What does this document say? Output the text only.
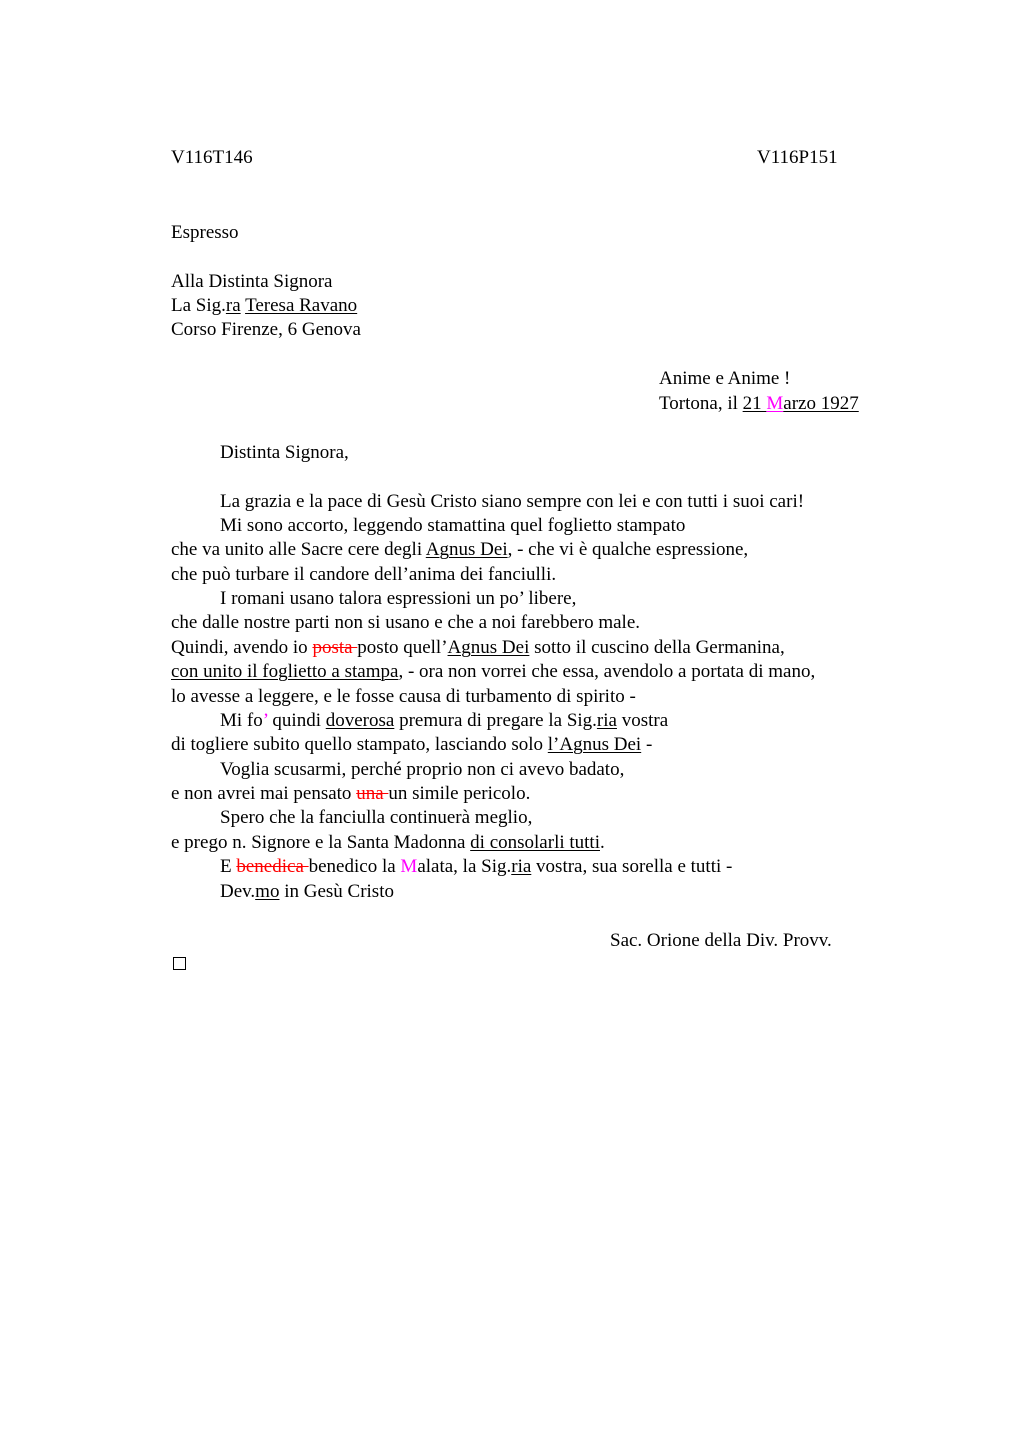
V116T146	V116P151
Espresso
Alla Distinta Signora
La Sig.ra Teresa Ravano
Corso Firenze, 6 Genova
Anime e Anime !
Tortona, il 21 Marzo 1927
Distinta Signora,
La grazia e la pace di Gesù Cristo siano sempre con lei e con tutti i suoi cari!
Mi sono accorto, leggendo stamattina quel foglietto stampato
che va unito alle Sacre cere degli Agnus Dei, - che vi è qualche espressione,
che può turbare il candore dell’anima dei fanciulli.
I romani usano talora espressioni un po’ libere,
che dalle nostre parti non si usano e che a noi farebbero male.
Quindi, avendo io posta posto quell’Agnus Dei sotto il cuscino della Germanina,
con unito il foglietto a stampa, - ora non vorrei che essa, avendolo a portata di mano,
lo avesse a leggere, e le fosse causa di turbamento di spirito -
Mi fo’ quindi doverosa premura di pregare la Sig.ria vostra
di togliere subito quello stampato, lasciando solo l’Agnus Dei -
Voglia scusarmi, perché proprio non ci avevo badato,
e non avrei mai pensato una un simile pericolo.
Spero che la fanciulla continuerà meglio,
e prego n. Signore e la Santa Madonna di consolarli tutti.
E benedica benedico la Malata, la Sig.ria vostra, sua sorella e tutti -
Dev.mo in Gesù Cristo
Sac. Orione della Div. Provv.
